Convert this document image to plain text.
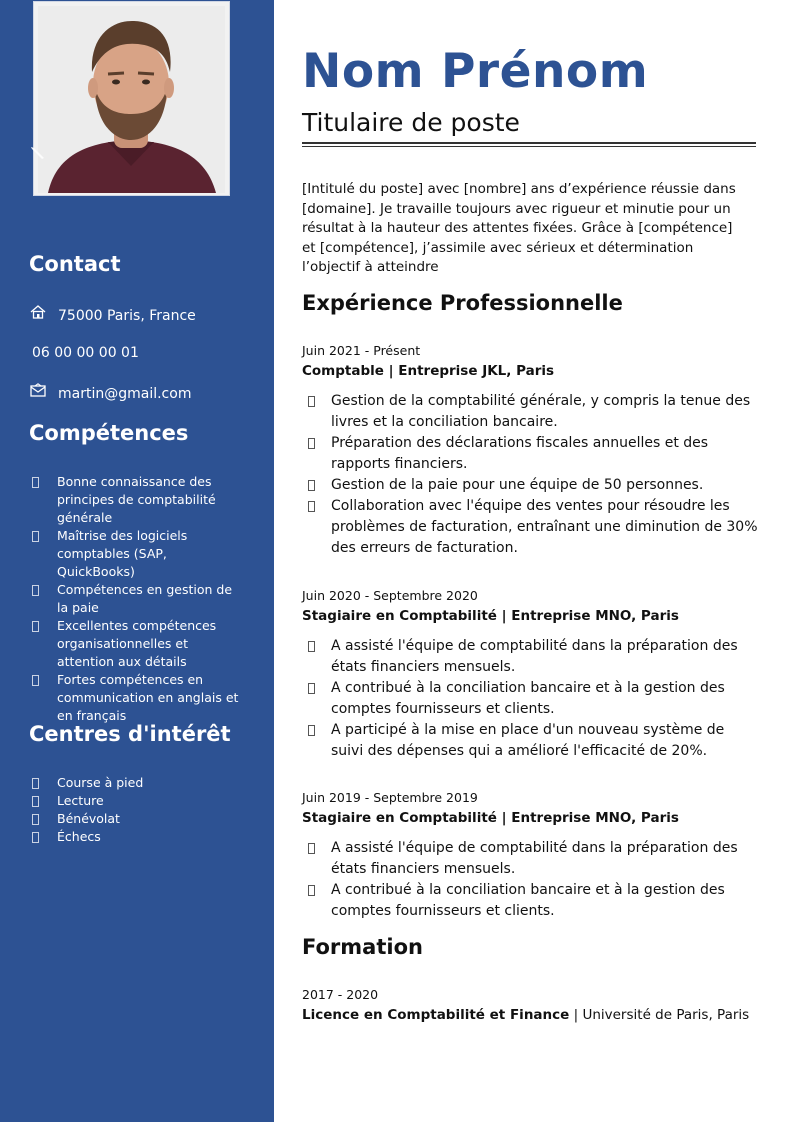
Contact
75000 Paris, France
06 00 00 00 01
martin@gmail.com
Compétences
Bonne connaissance des principes de comptabilité générale
Maîtrise des logiciels comptables (SAP, QuickBooks)
Compétences en gestion de la paie
Excellentes compétences organisationnelles et attention aux détails
Fortes compétences en communication en anglais et en français
Centres d'intérêt
Course à pied
Lecture
Bénévolat
Échecs
Nom Prénom
Titulaire de poste
[Intitulé du poste] avec [nombre] ans d’expérience réussie dans [domaine]. Je travaille toujours avec rigueur et minutie pour un résultat à la hauteur des attentes fixées. Grâce à [compétence] et [compétence], j’assimile avec sérieux et détermination l’objectif à atteindre
Expérience Professionnelle
Juin 2021 - Présent
Comptable | Entreprise JKL, Paris
Gestion de la comptabilité générale, y compris la tenue des livres et la conciliation bancaire.
Préparation des déclarations fiscales annuelles et des rapports financiers.
Gestion de la paie pour une équipe de 50 personnes.
Collaboration avec l'équipe des ventes pour résoudre les problèmes de facturation, entraînant une diminution de 30% des erreurs de facturation.
Juin 2020 - Septembre 2020
Stagiaire en Comptabilité | Entreprise MNO, Paris
A assisté l'équipe de comptabilité dans la préparation des états financiers mensuels.
A contribué à la conciliation bancaire et à la gestion des comptes fournisseurs et clients.
A participé à la mise en place d'un nouveau système de suivi des dépenses qui a amélioré l'efficacité de 20%.
Juin 2019 - Septembre 2019
Stagiaire en Comptabilité | Entreprise MNO, Paris
A assisté l'équipe de comptabilité dans la préparation des états financiers mensuels.
A contribué à la conciliation bancaire et à la gestion des comptes fournisseurs et clients.
Formation
2017 - 2020
Licence en Comptabilité et Finance | Université de Paris, Paris
